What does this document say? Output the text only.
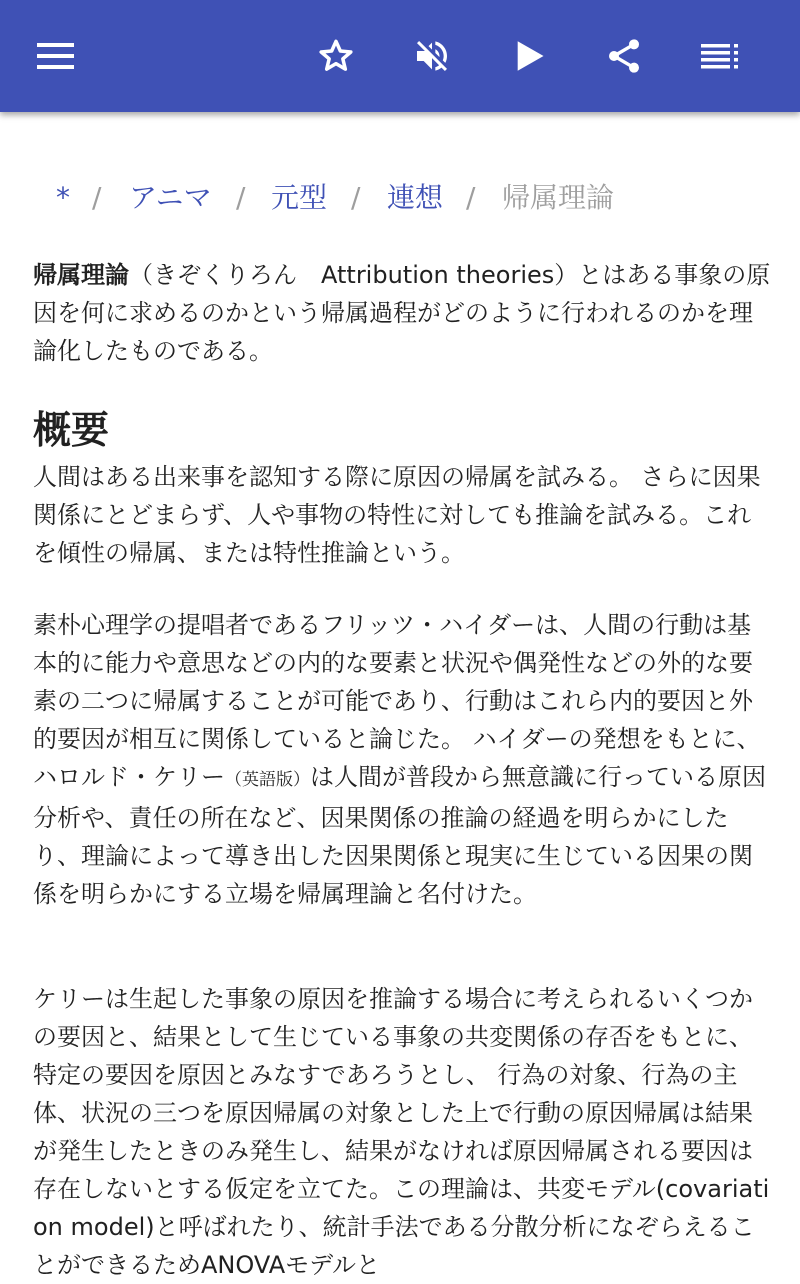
* / アニマ / 元型 / 連想 / 帰属理論
帰属理論（きぞくりろん　Attribution theories）とはある事象の原因を何に求めるのかという帰属過程がどのように行われるのかを理論化したものである。
概要
人間はある出来事を認知する際に原因の帰属を試みる。 さらに因果関係にとどまらず、人や事物の特性に対しても推論を試みる。これを傾性の帰属、または特性推論という。
素朴心理学の提唱者であるフリッツ・ハイダーは、人間の行動は基本的に能力や意思などの内的な要素と状況や偶発性などの外的な要素の二つに帰属することが可能であり、行動はこれら内的要因と外的要因が相互に関係していると論じた。 ハイダーの発想をもとに、 ハロルド・ケリー（英語版）は人間が普段から無意識に行っている原因分析や、責任の所在など、因果関係の推論の経過を明らかにしたり、理論によって導き出した因果関係と現実に生じている因果の関係を明らかにする立場を帰属理論と名付けた。
ケリーは生起した事象の原因を推論する場合に考えられるいくつかの要因と、結果として生じている事象の共変関係の存否をもとに、特定の要因を原因とみなすであろうとし、 行為の対象、行為の主体、状況の三つを原因帰属の対象とした上で行動の原因帰属は結果が発生したときのみ発生し、結果がなければ原因帰属される要因は存在しないとする仮定を立てた。この理論は、共変モデル(covariation model)と呼ばれたり、統計手法である分散分析になぞらえることができるためANOVAモデルと
